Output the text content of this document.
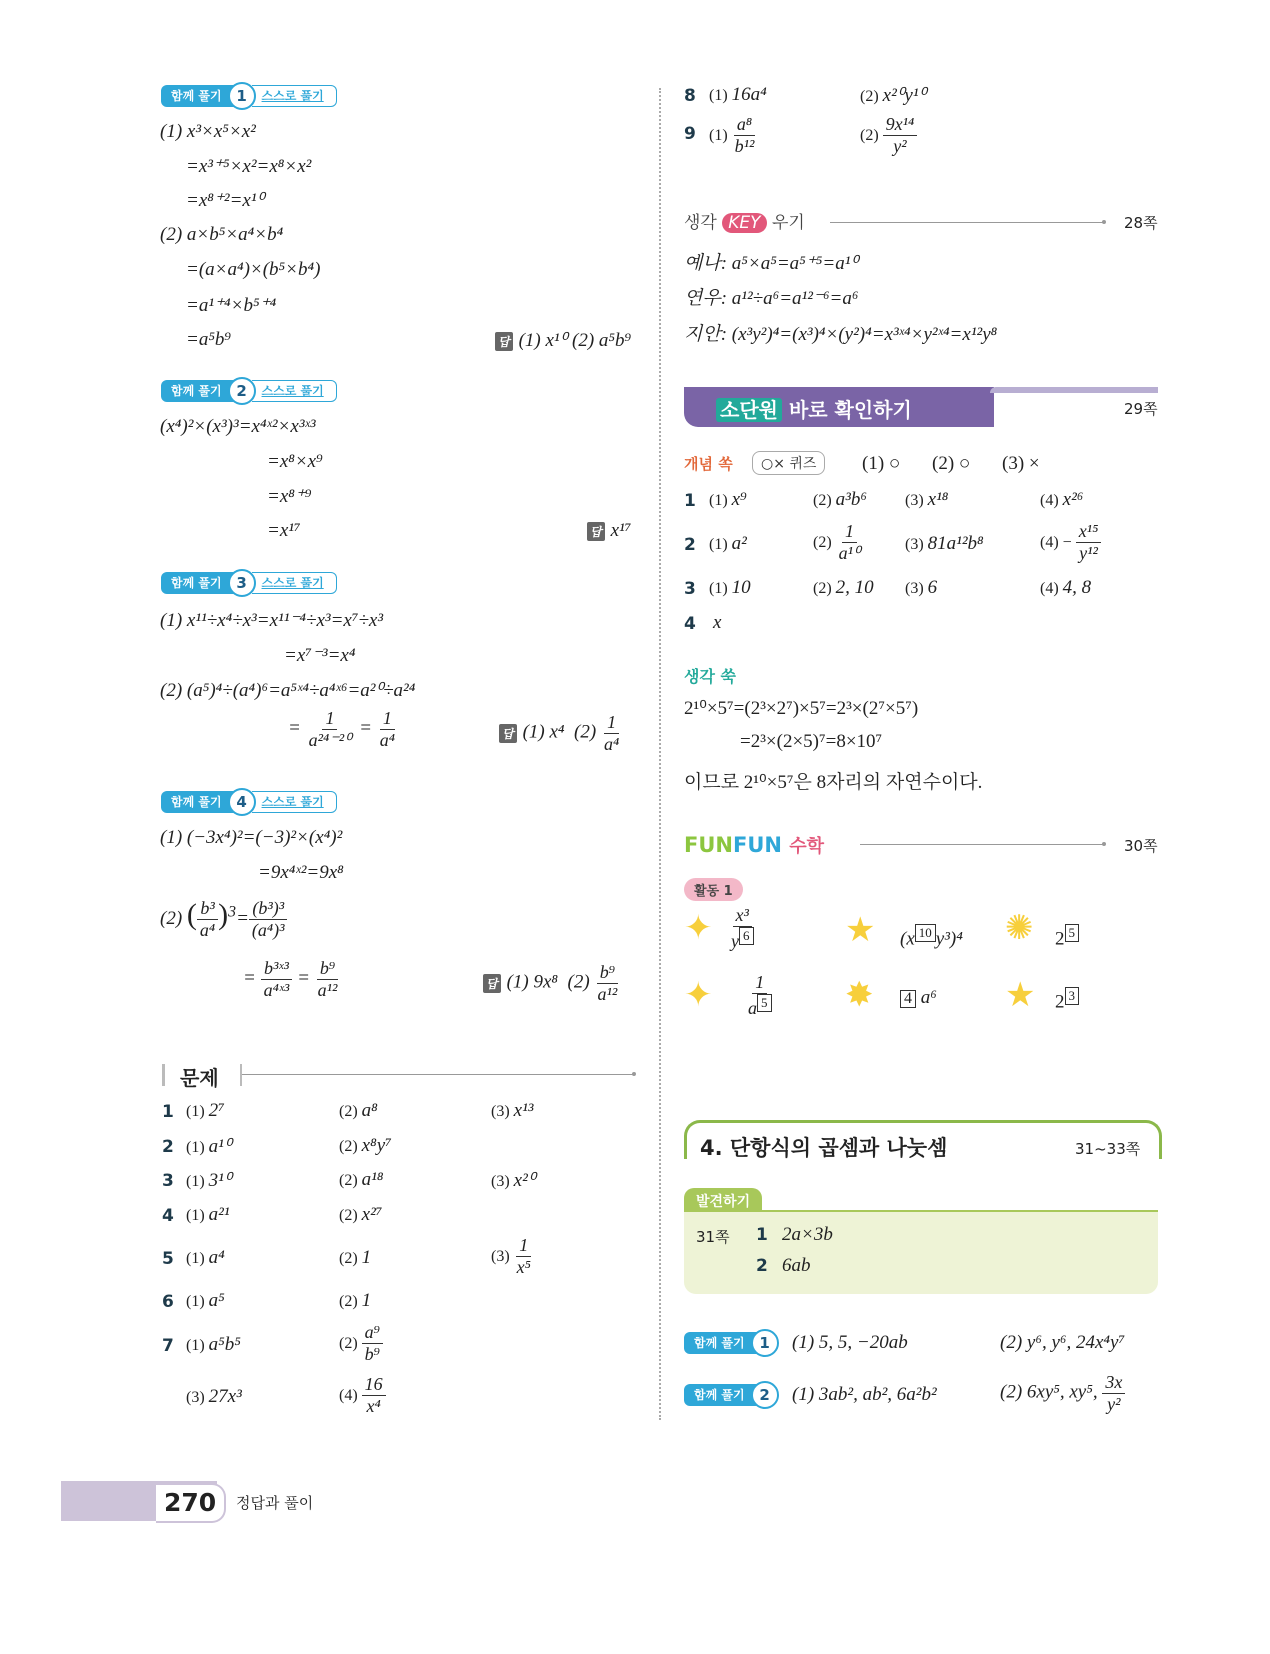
함께 풀기 1	스스로 풀기
(1) x³×x⁵×x²
=x³⁺⁵×x²=x⁸×x²
=x⁸⁺²=x¹⁰
(2) a×b⁵×a⁴×b⁴
=(a×a⁴)×(b⁵×b⁴)
=a¹⁺⁴×b⁵⁺⁴
=a⁵b⁹	답 (1) x¹⁰ (2) a⁵b⁹
함께 풀기 2	스스로 풀기
(x⁴)²×(x³)³=x⁴ˣ²×x³ˣ³
=x⁸×x⁹
=x⁸⁺⁹
=x¹⁷	답 x¹⁷
함께 풀기 3	스스로 풀기
(1) x¹¹÷x⁴÷x³=x¹¹⁻⁴÷x³=x⁷÷x³
=x⁷⁻³=x⁴
(2) (a⁵)⁴÷(a⁴)⁶=a⁵ˣ⁴÷a⁴ˣ⁶=a²⁰÷a²⁴
= $\frac{1}{\text{a²⁴⁻²⁰}} = \frac{1}{\text{a⁴}}$	답 (1) x⁴ $(2) \frac{1}{\text{a⁴}}$
함께 풀기 4	스스로 풀기
(1) (−3x⁴)²=(−3)²×(x⁴)²
=9x⁴ˣ²=9x⁸
(2) ( $\frac{\text{b³}}{\text{a⁴}} )^3= \frac{\text{(b³)³}}{\text{(a⁴)³}}$
= $\frac{\text{b³ˣ³}}{\text{a⁴ˣ³}} = \frac{\text{b⁹}}{\text{a¹²}}$	답 (1) 9x⁸ $(2) \frac{\text{b⁹}}{\text{a¹²}}$
문제
1 (1) 2⁷	(2) a⁸	(3) x¹³
2 (1) a¹⁰	(2) x⁸y⁷
3 (1) 3¹⁰	(2) a¹⁸	(3) x²⁰
4 (1) a²¹	(2) x²⁷
5 (1) a⁴	(2) 1	$(3) \frac{1}{\text{x⁵}}$
6 (1) a⁵	(2) 1
7 (1) a⁵b⁵	$(2) \frac{\text{a⁹}}{\text{b⁹}}$
(3) 27x³	$(4) \frac{16}{\text{x⁴}}$
8 (1) 16a⁴	(2) x²⁰y¹⁰
9 $(1) \frac{\text{a⁸}}{\text{b¹²}}$	$(2) \frac{\text{9x¹⁴}}{\text{y²}}$
생각 KEY 우기	28쪽
예나: a⁵×a⁵=a⁵⁺⁵=a¹⁰
연우: a¹²÷a⁶=a¹²⁻⁶=a⁶
지안: (x³y²)⁴=(x³)⁴×(y²)⁴=x³ˣ⁴×y²ˣ⁴=x¹²y⁸
소단원 바로 확인하기	29쪽
개념 쏙	○× 퀴즈	(1) ○ (2) ○ (3) ×
1 (1) x⁹	(2) a³b⁶ (3) x¹⁸	(4) x²⁶
2 (1) a²	$(2) \frac{1}{\text{a¹⁰}}$	(3) 81a¹²b⁸	$(4) - \frac{\text{x¹⁵}}{\text{y¹²}}$
3 (1) 10	(2) 2, 10 (3) 6	(4) 4, 8
4 x
생각 쑥
2¹⁰×5⁷=(2³×2⁷)×5⁷=2³×(2⁷×5⁷)
=2³×(2×5)⁷=8×10⁷
이므로 2¹⁰×5⁷은 8자리의 자연수이다.
FUNFUN 수학	30쪽
활동 1
✦ $\frac{\text{x³}}{y 6}$	★ (x 10 y³)⁴ ✺ 2 5
✦ $\frac{1}{a 5}$ ✸ 4 a⁶ ★ 2 3
4. 단항식의 곱셈과 나눗셈	31~33쪽
발견하기
31쪽 1 2a×3b
2 6ab
함께 풀기 1	(1) 5, 5, −20ab	(2) y⁶, y⁶, 24x⁴y⁷
함께 풀기 2	(1) 3ab², ab², 6a²b²	(2) 6xy⁵, xy⁵, $\frac{3x}{\text{y²}}$
270	정답과 풀이
